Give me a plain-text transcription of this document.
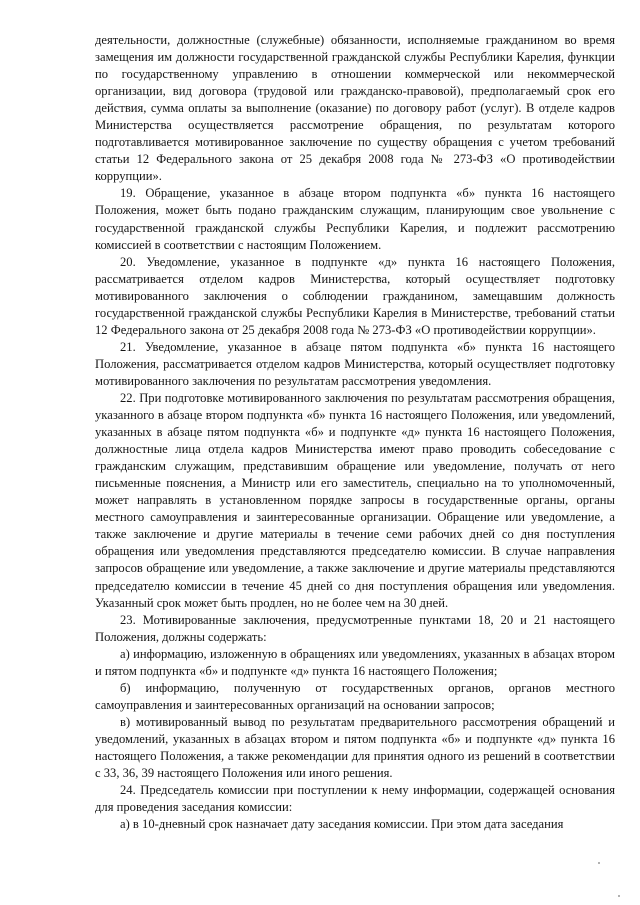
деятельности, должностные (служебные) обязанности, исполняемые гражданином во время замещения им должности государственной гражданской службы Республики Карелия, функции по государственному управлению в отношении коммерческой или некоммерческой организации, вид договора (трудовой или гражданско-правовой), предполагаемый срок его действия, сумма оплаты за выполнение (оказание) по договору работ (услуг). В отделе кадров Министерства осуществляется рассмотрение обращения, по результатам которого подготавливается мотивированное заключение по существу обращения с учетом требований статьи 12 Федерального закона от 25 декабря 2008 года № 273-ФЗ «О противодействии коррупции».

19. Обращение, указанное в абзаце втором подпункта «б» пункта 16 настоящего Положения, может быть подано гражданским служащим, планирующим свое увольнение с государственной гражданской службы Республики Карелия, и подлежит рассмотрению комиссией в соответствии с настоящим Положением.

20. Уведомление, указанное в подпункте «д» пункта 16 настоящего Положения, рассматривается отделом кадров Министерства, который осуществляет подготовку мотивированного заключения о соблюдении гражданином, замещавшим должность государственной гражданской службы Республики Карелия в Министерстве, требований статьи 12 Федерального закона от 25 декабря 2008 года № 273-ФЗ «О противодействии коррупции».

21. Уведомление, указанное в абзаце пятом подпункта «б» пункта 16 настоящего Положения, рассматривается отделом кадров Министерства, который осуществляет подготовку мотивированного заключения по результатам рассмотрения уведомления.

22. При подготовке мотивированного заключения по результатам рассмотрения обращения, указанного в абзаце втором подпункта «б» пункта 16 настоящего Положения, или уведомлений, указанных в абзаце пятом подпункта «б» и подпункте «д» пункта 16 настоящего Положения, должностные лица отдела кадров Министерства имеют право проводить собеседование с гражданским служащим, представившим обращение или уведомление, получать от него письменные пояснения, а Министр или его заместитель, специально на то уполномоченный, может направлять в установленном порядке запросы в государственные органы, органы местного самоуправления и заинтересованные организации. Обращение или уведомление, а также заключение и другие материалы в течение семи рабочих дней со дня поступления обращения или уведомления представляются председателю комиссии. В случае направления запросов обращение или уведомление, а также заключение и другие материалы представляются председателю комиссии в течение 45 дней со дня поступления обращения или уведомления. Указанный срок может быть продлен, но не более чем на 30 дней.

23. Мотивированные заключения, предусмотренные пунктами 18, 20 и 21 настоящего Положения, должны содержать:

а) информацию, изложенную в обращениях или уведомлениях, указанных в абзацах втором и пятом подпункта «б» и подпункте «д» пункта 16 настоящего Положения;

б) информацию, полученную от государственных органов, органов местного самоуправления и заинтересованных организаций на основании запросов;

в) мотивированный вывод по результатам предварительного рассмотрения обращений и уведомлений, указанных в абзацах втором и пятом подпункта «б» и подпункте «д» пункта 16 настоящего Положения, а также рекомендации для принятия одного из решений в соответствии с 33, 36, 39 настоящего Положения или иного решения.

24. Председатель комиссии при поступлении к нему информации, содержащей основания для проведения заседания комиссии:

а) в 10-дневный срок назначает дату заседания комиссии. При этом дата заседания
